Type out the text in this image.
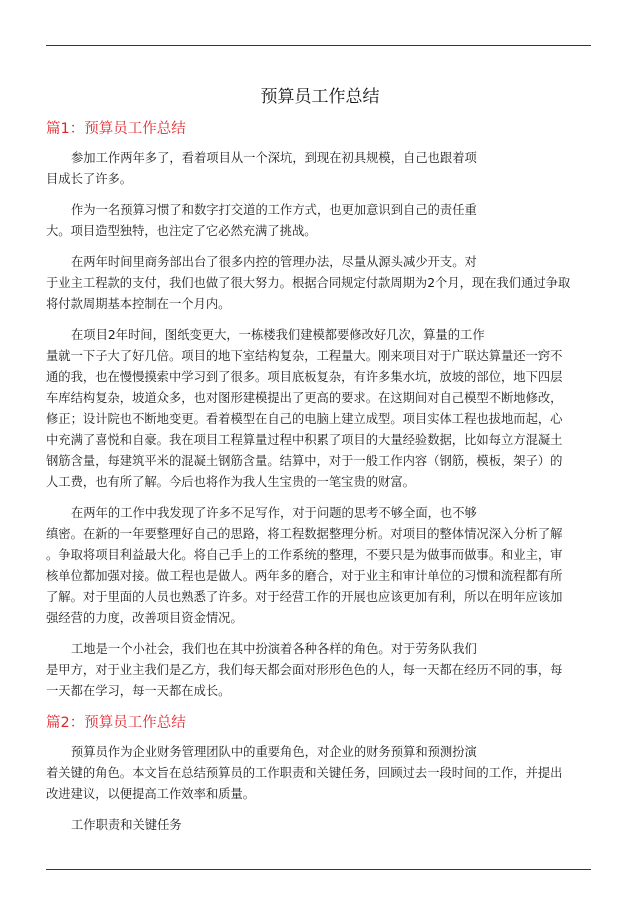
预算员工作总结
篇1：预算员工作总结
参加工作两年多了，看着项目从一个深坑，到现在初具规模，自己也跟着项
目成长了许多。
作为一名预算习惯了和数字打交道的工作方式，也更加意识到自己的责任重
大。项目造型独特，也注定了它必然充满了挑战。
在两年时间里商务部出台了很多内控的管理办法，尽量从源头减少开支。对
于业主工程款的支付，我们也做了很大努力。根据合同规定付款周期为2个月，现在我们通过争取
将付款周期基本控制在一个月内。
在项目2年时间，图纸变更大，一栋楼我们建模都要修改好几次，算量的工作
量就一下子大了好几倍。项目的地下室结构复杂，工程量大。刚来项目对于广联达算量还一窍不
通的我，也在慢慢摸索中学习到了很多。项目底板复杂，有许多集水坑，放坡的部位，地下四层
车库结构复杂，坡道众多，也对图形建模提出了更高的要求。在这期间对自己模型不断地修改，
修正；设计院也不断地变更。看着模型在自己的电脑上建立成型。项目实体工程也拔地而起，心
中充满了喜悦和自豪。我在项目工程算量过程中积累了项目的大量经验数据，比如每立方混凝土
钢筋含量，每建筑平米的混凝土钢筋含量。结算中，对于一般工作内容（钢筋，模板，架子）的
人工费，也有所了解。今后也将作为我人生宝贵的一笔宝贵的财富。
在两年的工作中我发现了许多不足写作，对于问题的思考不够全面，也不够
缜密。在新的一年要整理好自己的思路，将工程数据整理分析。对项目的整体情况深入分析了解
。争取将项目利益最大化。将自己手上的工作系统的整理，不要只是为做事而做事。和业主，审
核单位都加强对接。做工程也是做人。两年多的磨合，对于业主和审计单位的习惯和流程都有所
了解。对于里面的人员也熟悉了许多。对于经营工作的开展也应该更加有利，所以在明年应该加
强经营的力度，改善项目资金情况。
工地是一个小社会，我们也在其中扮演着各种各样的角色。对于劳务队我们
是甲方，对于业主我们是乙方，我们每天都会面对形形色色的人，每一天都在经历不同的事，每
一天都在学习，每一天都在成长。
篇2：预算员工作总结
预算员作为企业财务管理团队中的重要角色，对企业的财务预算和预测扮演
着关键的角色。本文旨在总结预算员的工作职责和关键任务，回顾过去一段时间的工作，并提出
改进建议，以便提高工作效率和质量。
工作职责和关键任务
